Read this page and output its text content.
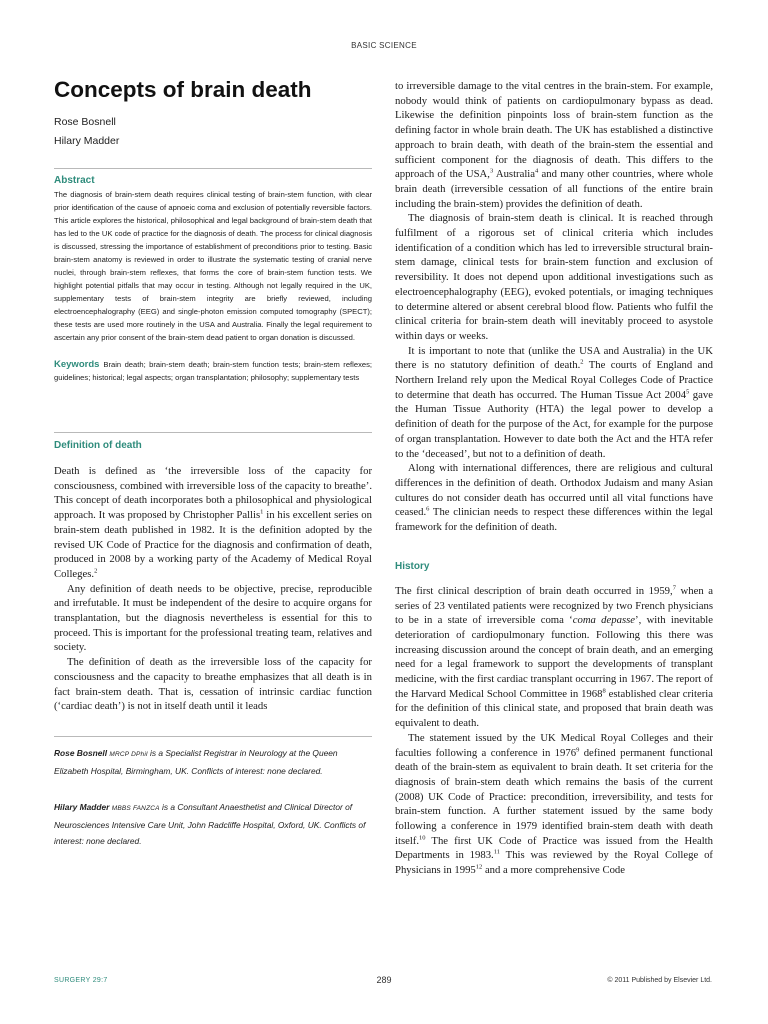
BASIC SCIENCE
Concepts of brain death
Rose Bosnell
Hilary Madder
Abstract

The diagnosis of brain-stem death requires clinical testing of brain-stem function, with clear prior identification of the cause of apnoeic coma and exclusion of potentially reversible factors. This article explores the historical, philosophical and legal background of brain-stem death that has led to the UK code of practice for the diagnosis of death. The process for clinical diagnosis is discussed, stressing the importance of establishment of preconditions prior to testing. Basic brain-stem anatomy is reviewed in order to illustrate the systematic testing of cranial nerve nuclei, through brain-stem reflexes, that forms the core of brain-stem function tests. We highlight potential pitfalls that may occur in testing. Although not legally required in the UK, supplementary tests of brain-stem integrity are briefly reviewed, including electroencephalography (EEG) and single-photon emission computed tomography (SPECT); these tests are used more routinely in the USA and Australia. Finally the legal requirement to ascertain any prior consent of the brain-stem dead patient to organ donation is discussed.

Keywords Brain death; brain-stem death; brain-stem function tests; brain-stem reflexes; guidelines; historical; legal aspects; organ transplantation; philosophy; supplementary tests
Definition of death

Death is defined as ‘the irreversible loss of the capacity for consciousness, combined with irreversible loss of the capacity to breathe’. This concept of death incorporates both a philosophical and physiological approach. It was proposed by Christopher Pallis$^1$ in his excellent series on brain-stem death published in 1982. It is the definition adopted by the revised UK Code of Practice for the diagnosis and confirmation of death, produced in 2008 by a working party of the Academy of Medical Royal Colleges.$^2$

Any definition of death needs to be objective, precise, reproducible and irrefutable. It must be independent of the desire to acquire organs for transplantation, but the diagnosis nevertheless is essential for this to proceed. This is important for the professional treating team, relatives and society.

The definition of death as the irreversible loss of the capacity for consciousness and the capacity to breathe emphasizes that all death is in fact brain-stem death. That is, cessation of intrinsic cardiac function (‘cardiac death’) is not in itself death until it leads

Rose Bosnell MRCP DPhil is a Specialist Registrar in Neurology at the Queen Elizabeth Hospital, Birmingham, UK. Conflicts of interest: none declared.

Hilary Madder MBBS FANZCA is a Consultant Anaesthetist and Clinical Director of Neurosciences Intensive Care Unit, John Radcliffe Hospital, Oxford, UK. Conflicts of interest: none declared.

to irreversible damage to the vital centres in the brain-stem. For example, nobody would think of patients on cardiopulmonary bypass as dead. Likewise the definition pinpoints loss of brain-stem function as the defining factor in whole brain death. The UK has established a distinctive approach to brain death, with death of the brain-stem the essential and sufficient component for the diagnosis of death. This differs to the approach of the USA,$^3$ Australia$^4$ and many other countries, where whole brain death (irreversible cessation of all functions of the entire brain including the brain-stem) provides the definition of death.

The diagnosis of brain-stem death is clinical. It is reached through fulfilment of a rigorous set of clinical criteria which includes identification of a condition which has led to irreversible structural brain-stem damage, clinical tests for brain-stem function and exclusion of reversibility. It does not depend upon additional investigations such as electroencephalography (EEG), evoked potentials, or imaging techniques to determine altered or absent cerebral blood flow. Patients who fulfil the clinical criteria for brain-stem death will inevitably proceed to asystole within days or weeks.

It is important to note that (unlike the USA and Australia) in the UK there is no statutory definition of death.$^2$ The courts of England and Northern Ireland rely upon the Medical Royal Colleges Code of Practice to determine that death has occurred. The Human Tissue Act 2004$^5$ gave the Human Tissue Authority (HTA) the legal power to develop a definition of death for the purpose of the Act, for example for the purpose of organ transplantation. However to date both the Act and the HTA refer to the ‘deceased’, but not to a definition of death.

Along with international differences, there are religious and cultural differences in the definition of death. Orthodox Judaism and many Asian cultures do not consider death has occurred until all vital functions have ceased.$^6$ The clinician needs to respect these differences within the legal framework for the definition of death.

History

The first clinical description of brain death occurred in 1959,$^7$ when a series of 23 ventilated patients were recognized by two French physicians to be in a state of irreversible coma ‘coma depasse’, with inevitable deterioration of cardiopulmonary function. Following this there was increasing discussion around the concept of brain death, and an emerging need for a legal framework to support the developments of transplant medicine, with the first cardiac transplant occurring in 1967. The report of the Harvard Medical School Committee in 1968$^8$ established clear criteria for the definition of this clinical state, and proposed that brain death was equivalent to death.

The statement issued by the UK Medical Royal Colleges and their faculties following a conference in 1976$^9$ defined permanent functional death of the brain-stem as equivalent to brain death. It set criteria for the diagnosis of brain-stem death which remains the basis of the current (2008) UK Code of Practice: precondition, irreversibility, and tests for brain-stem function. A further statement issued by the same body following a conference in 1979 identified brain-stem death with death itself.$^{10}$ The first UK Code of Practice was issued from the Health Departments in 1983.11 This was reviewed by the Royal College of Physicians in 1995$^{12}$ and a more comprehensive Code

SURGERY 29:7	289	© 2011 Published by Elsevier Ltd.
